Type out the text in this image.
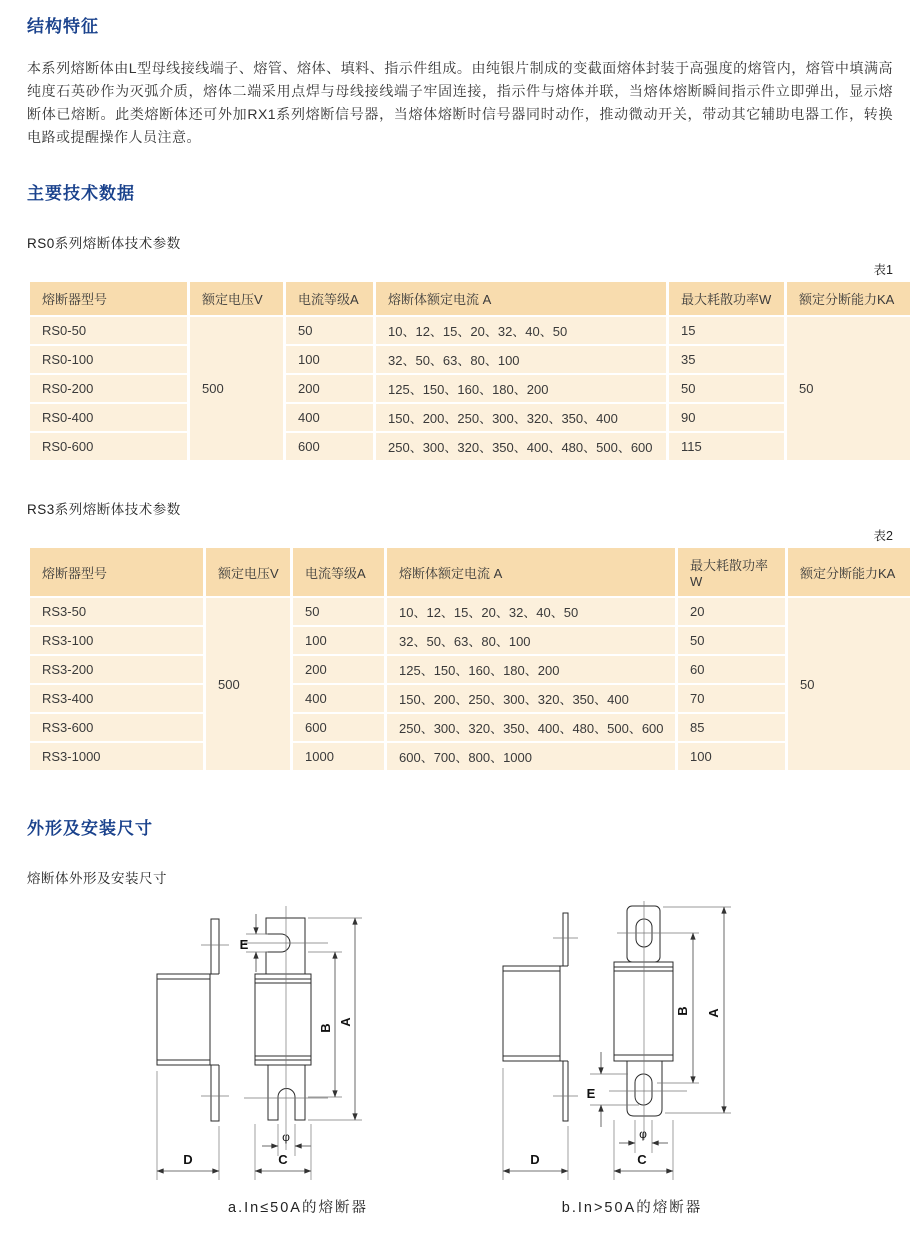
结构特征

本系列熔断体由L型母线接线端子、熔管、熔体、填料、指示件组成。由纯银片制成的变截面熔体封装于高强度的熔管内，熔管中填满高纯度石英砂作为灭弧介质，熔体二端采用点焊与母线接线端子牢固连接，指示件与熔体并联，当熔体熔断瞬间指示件立即弹出，显示熔断体已熔断。此类熔断体还可外加RX1系列熔断信号器，当熔体熔断时信号器同时动作，推动微动开关，带动其它辅助电器工作，转换电路或提醒操作人员注意。

主要技术数据
RS0系列熔断体技术参数
表1
熔断器型号	额定电压V	电流等级A	熔断体额定电流 A	最大耗散功率W	额定分断能力KA
RS0-50	500	50	10、12、15、20、32、40、50	15	50
RS0-100		100	32、50、63、80、100	35	
RS0-200		200	125、150、160、180、200	50	
RS0-400		400	150、200、250、300、320、350、400	90	
RS0-600		600	250、300、320、350、400、480、500、600	115	
RS3系列熔断体技术参数
表2
熔断器型号	额定电压V	电流等级A	熔断体额定电流 A	最大耗散功率W	额定分断能力KA
RS3-50	500	50	10、12、15、20、32、40、50	20	50
RS3-100		100	32、50、63、80、100	50	
RS3-200		200	125、150、160、180、200	60	
RS3-400		400	150、200、250、300、320、350、400	70	
RS3-600		600	250、300、320、350、400、480、500、600	85	
RS3-1000		1000	600、700、800、1000	100	
外形及安装尺寸
熔断体外形及安装尺寸
D
E
B
A
φ
C
a.In≤50A的熔断器
D
A
B
E
φ
C
b.In>50A的熔断器
